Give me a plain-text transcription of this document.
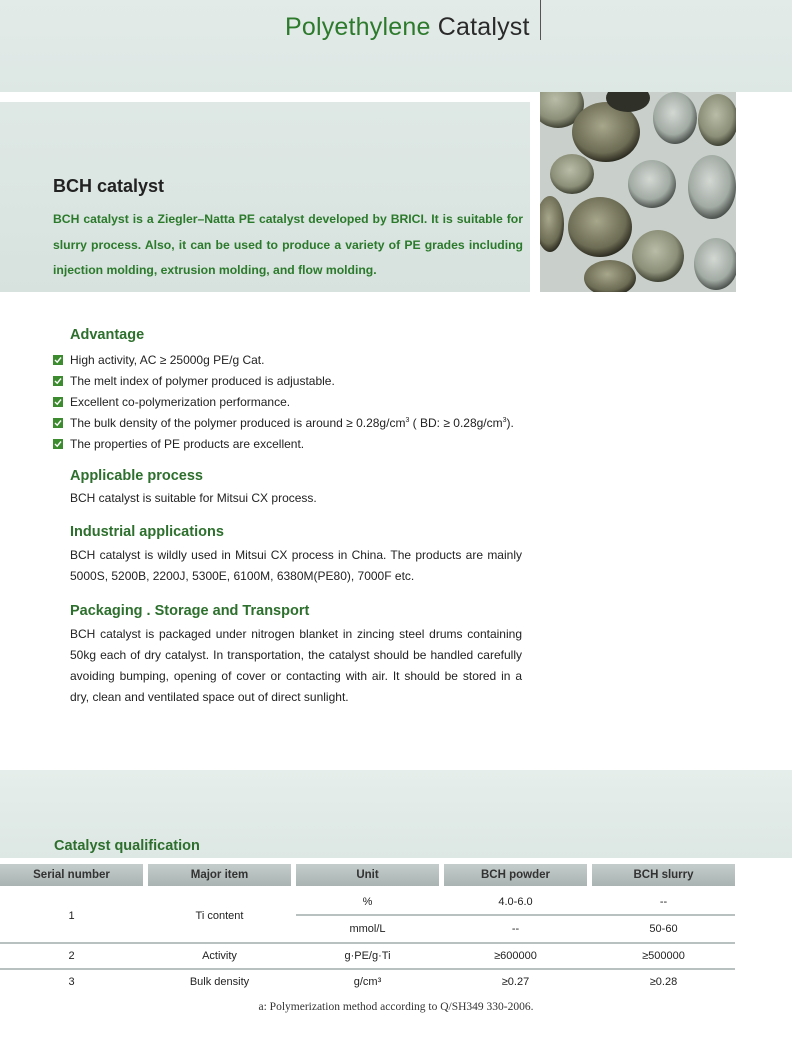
Polyethylene Catalyst
BCH catalyst
BCH catalyst is a Ziegler–Natta PE catalyst developed by BRICI. It is suitable for slurry process. Also, it can be used to produce a variety of PE grades including injection molding, extrusion molding, and flow molding.
Advantage
High activity, AC ≥ 25000g PE/g Cat.
The melt index of polymer produced is adjustable.
Excellent co-polymerization performance.
The bulk density of the polymer produced is around ≥ $0.28g/cm^3$ ( BD: ≥ $0.28g/cm^3$).
The properties of PE products are excellent.
Applicable process
BCH catalyst is suitable for Mitsui CX process.
Industrial applications
BCH catalyst is wildly used in Mitsui CX process in China. The products are mainly 5000S, 5200B, 2200J, 5300E, 6100M, 6380M(PE80), 7000F etc.
Packaging . Storage and Transport
BCH catalyst is packaged under nitrogen blanket in zincing steel drums containing 50kg each of dry catalyst. In transportation, the catalyst should be handled carefully avoiding bumping, opening of cover or contacting with air. It should be stored in a dry, clean and ventilated space out of direct sunlight.
Catalyst qualification
Serial number	Major item	Unit	BCH powder	BCH slurry
1	Ti content
%	4.0-6.0	--
mmol/L	--	50-60
2	Activity	g·PE/g·Ti	≥600000	≥500000
3	Bulk density	g/cm³	≥0.27	≥0.28
a: Polymerization method according to Q/SH349 330-2006.
